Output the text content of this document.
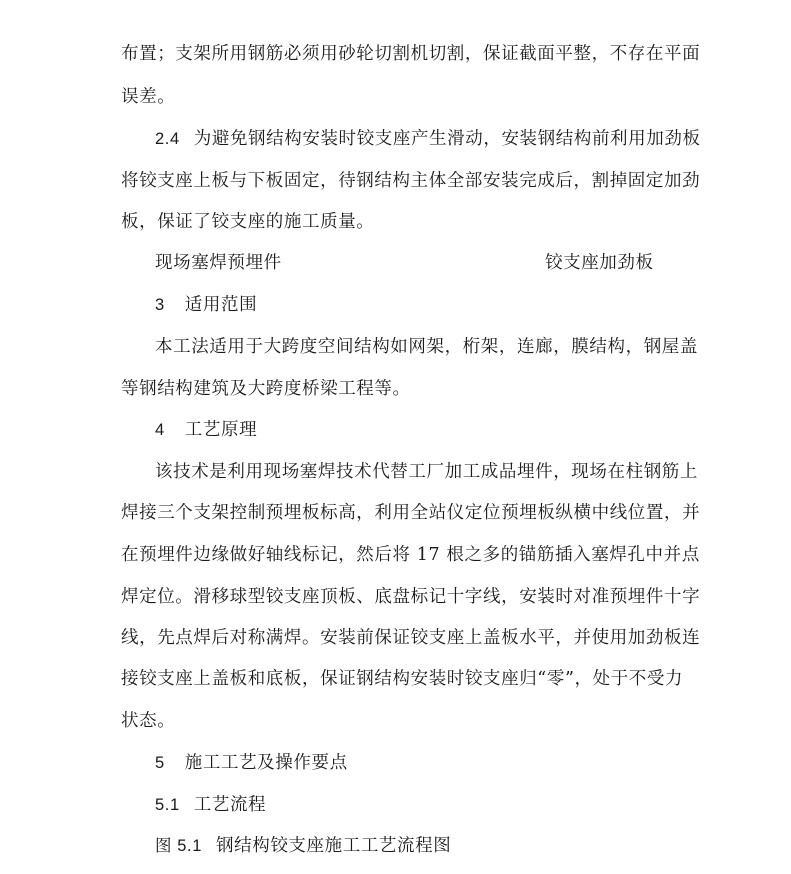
布置；支架所用钢筋必须用砂轮切割机切割，保证截面平整，不存在平面
误差。
2.4 为避免钢结构安装时铰支座产生滑动，安装钢结构前利用加劲板
将铰支座上板与下板固定，待钢结构主体全部安装完成后，割掉固定加劲
板，保证了铰支座的施工质量。
现场塞焊预埋件	铰支座加劲板
3 适用范围
本工法适用于大跨度空间结构如网架，桁架，连廊，膜结构，钢屋盖
等钢结构建筑及大跨度桥梁工程等。
4 工艺原理
该技术是利用现场塞焊技术代替工厂加工成品埋件，现场在柱钢筋上
焊接三个支架控制预埋板标高，利用全站仪定位预埋板纵横中线位置，并
在预埋件边缘做好轴线标记，然后将 17 根之多的锚筋插入塞焊孔中并点
焊定位。滑移球型铰支座顶板、底盘标记十字线，安装时对准预埋件十字
线，先点焊后对称满焊。安装前保证铰支座上盖板水平，并使用加劲板连
接铰支座上盖板和底板，保证钢结构安装时铰支座归“零”，处于不受力
状态。
5 施工工艺及操作要点
5.1 工艺流程
图 5.1 钢结构铰支座施工工艺流程图
